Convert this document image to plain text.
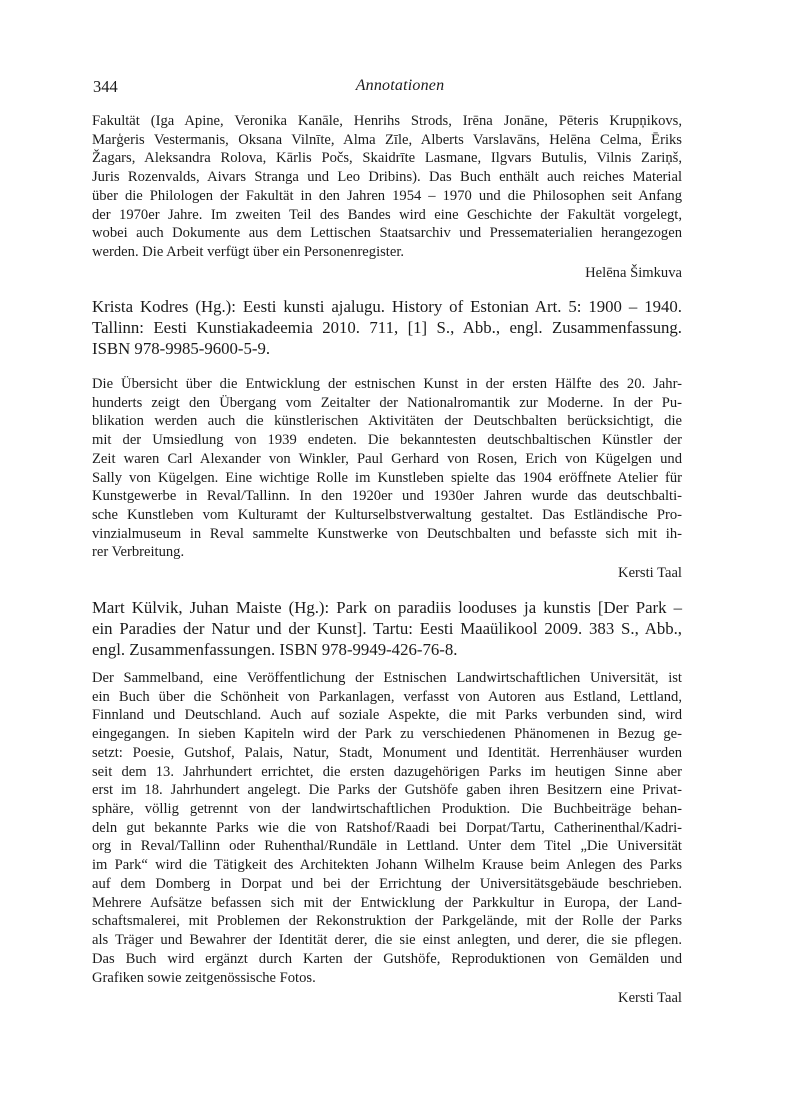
344	Annotationen

Fakultät (Iga Apine, Veronika Kanāle, Henrihs Strods, Irēna Jonāne, Pēteris Krupņikovs,
Marģeris Vestermanis, Oksana Vilnīte, Alma Zīle, Alberts Varslavāns, Helēna Celma, Ēriks
Žagars, Aleksandra Rolova, Kārlis Počs, Skaidrīte Lasmane, Ilgvars Butulis, Vilnis Zariņš,
Juris Rozenvalds, Aivars Stranga und Leo Dribins). Das Buch enthält auch reiches Material
über die Philologen der Fakultät in den Jahren 1954 – 1970 und die Philosophen seit Anfang
der 1970er Jahre. Im zweiten Teil des Bandes wird eine Geschichte der Fakultät vorgelegt,
wobei auch Dokumente aus dem Lettischen Staatsarchiv und Pressematerialien herangezogen
werden. Die Arbeit verfügt über ein Personenregister.

Helēna Šimkuva

Krista Kodres (Hg.): Eesti kunsti ajalugu. History of Estonian Art. 5: 1900 – 1940.
Tallinn: Eesti Kunstiakadeemia 2010. 711, [1] S., Abb., engl. Zusammenfassung.
ISBN 978-9985-9600-5-9.

Die Übersicht über die Entwicklung der estnischen Kunst in der ersten Hälfte des 20. Jahr-
hunderts zeigt den Übergang vom Zeitalter der Nationalromantik zur Moderne. In der Pu-
blikation werden auch die künstlerischen Aktivitäten der Deutschbalten berücksichtigt, die
mit der Umsiedlung von 1939 endeten. Die bekanntesten deutschbaltischen Künstler der
Zeit waren Carl Alexander von Winkler, Paul Gerhard von Rosen, Erich von Kügelgen und
Sally von Kügelgen. Eine wichtige Rolle im Kunstleben spielte das 1904 eröffnete Atelier für
Kunstgewerbe in Reval/Tallinn. In den 1920er und 1930er Jahren wurde das deutschbalti-
sche Kunstleben vom Kulturamt der Kulturselbstverwaltung gestaltet. Das Estländische Pro-
vinzialmuseum in Reval sammelte Kunstwerke von Deutschbalten und befasste sich mit ih-
rer Verbreitung.

Kersti Taal

Mart Külvik, Juhan Maiste (Hg.): Park on paradiis looduses ja kunstis [Der Park –
ein Paradies der Natur und der Kunst]. Tartu: Eesti Maaülikool 2009. 383 S., Abb.,
engl. Zusammenfassungen. ISBN 978-9949-426-76-8.

Der Sammelband, eine Veröffentlichung der Estnischen Landwirtschaftlichen Universität, ist
ein Buch über die Schönheit von Parkanlagen, verfasst von Autoren aus Estland, Lettland,
Finnland und Deutschland. Auch auf soziale Aspekte, die mit Parks verbunden sind, wird
eingegangen. In sieben Kapiteln wird der Park zu verschiedenen Phänomenen in Bezug ge-
setzt: Poesie, Gutshof, Palais, Natur, Stadt, Monument und Identität. Herrenhäuser wurden
seit dem 13. Jahrhundert errichtet, die ersten dazugehörigen Parks im heutigen Sinne aber
erst im 18. Jahrhundert angelegt. Die Parks der Gutshöfe gaben ihren Besitzern eine Privat-
sphäre, völlig getrennt von der landwirtschaftlichen Produktion. Die Buchbeiträge behan-
deln gut bekannte Parks wie die von Ratshof/Raadi bei Dorpat/Tartu, Catherinenthal/Kadri-
org in Reval/Tallinn oder Ruhenthal/Rundāle in Lettland. Unter dem Titel „Die Universität
im Park“ wird die Tätigkeit des Architekten Johann Wilhelm Krause beim Anlegen des Parks
auf dem Domberg in Dorpat und bei der Errichtung der Universitätsgebäude beschrieben.
Mehrere Aufsätze befassen sich mit der Entwicklung der Parkkultur in Europa, der Land-
schaftsmalerei, mit Problemen der Rekonstruktion der Parkgelände, mit der Rolle der Parks
als Träger und Bewahrer der Identität derer, die sie einst anlegten, und derer, die sie pflegen.
Das Buch wird ergänzt durch Karten der Gutshöfe, Reproduktionen von Gemälden und
Grafiken sowie zeitgenössische Fotos.

Kersti Taal
